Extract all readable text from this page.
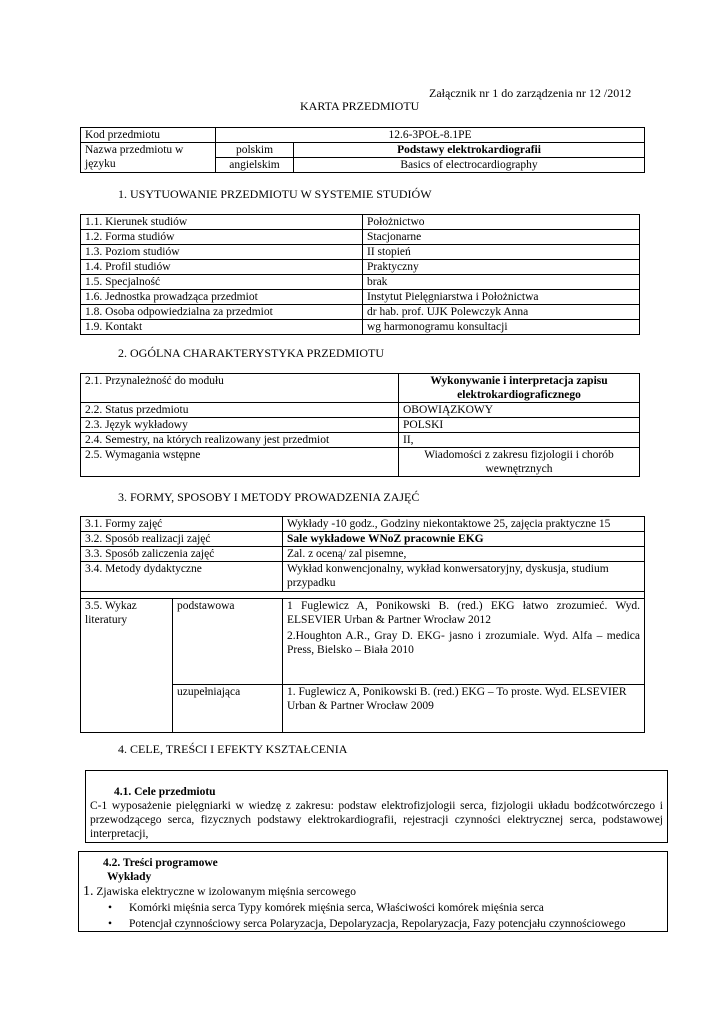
Załącznik nr 1 do zarządzenia nr 12 /2012
KARTA PRZEDMIOTU
Kod przedmiotu	12.6-3POŁ-8.1PE	
Nazwa przedmiotu w języku	polskim	Podstawy elektrokardiografii
	angielskim	Basics of electrocardiography
1. USYTUOWANIE PRZEDMIOTU W SYSTEMIE STUDIÓW
1.1. Kierunek studiów	Położnictwo
1.2. Forma studiów	Stacjonarne
1.3. Poziom studiów	II stopień
1.4. Profil studiów	Praktyczny
1.5. Specjalność	brak
1.6. Jednostka prowadząca przedmiot	Instytut Pielęgniarstwa i Położnictwa
1.8. Osoba odpowiedzialna za przedmiot	dr hab. prof. UJK Polewczyk Anna
1.9. Kontakt	wg harmonogramu konsultacji
2. OGÓLNA CHARAKTERYSTYKA PRZEDMIOTU
2.1. Przynależność do modułu	Wykonywanie i interpretacja zapisu elektrokardiograficznego
2.2. Status przedmiotu	OBOWIĄZKOWY
2.3. Język wykładowy	POLSKI
2.4. Semestry, na których realizowany jest przedmiot	II,
2.5. Wymagania wstępne	Wiadomości z zakresu fizjologii i chorób wewnętrznych
3. FORMY, SPOSOBY I METODY PROWADZENIA ZAJĘĆ
3.1. Formy zajęć		Wykłady -10 godz., Godziny niekontaktowe 25, zajęcia praktyczne 15
3.2. Sposób realizacji zajęć		Sale wykładowe WNoZ pracownie EKG
3.3. Sposób zaliczenia zajęć		Zal. z oceną/ zal pisemne,
3.4. Metody dydaktyczne		Wykład konwencjonalny, wykład konwersatoryjny, dyskusja, studium przypadku

3.5. Wykaz literatury	podstawowa	1 Fuglewicz A, Ponikowski B. (red.) EKG łatwo zrozumieć. Wyd. ELSEVIER Urban & Partner Wrocław 2012
2.Houghton A.R., Gray D. EKG- jasno i zrozumiale. Wyd. Alfa – medica Press, Bielsko – Biała 2010

	uzupełniająca	1. Fuglewicz A, Ponikowski B. (red.) EKG – To proste. Wyd. ELSEVIER Urban & Partner Wrocław 2009
4. CELE, TREŚCI I EFEKTY KSZTAŁCENIA
4.1. Cele przedmiotu
C-1 wyposażenie pielęgniarki w wiedzę z zakresu: podstaw elektrofizjologii serca, fizjologii układu bodźcotwórczego i przewodzącego serca, fizycznych podstawy elektrokardiografii, rejestracji czynności elektrycznej serca, podstawowej interpretacji,
4.2. Treści programowe
Wykłady
1. Zjawiska elektryczne w izolowanym mięśnia sercowego
• Komórki mięśnia serca Typy komórek mięśnia serca, Właściwości komórek mięśnia serca
• Potencjał czynnościowy serca Polaryzacja, Depolaryzacja, Repolaryzacja, Fazy potencjału czynnościowego
